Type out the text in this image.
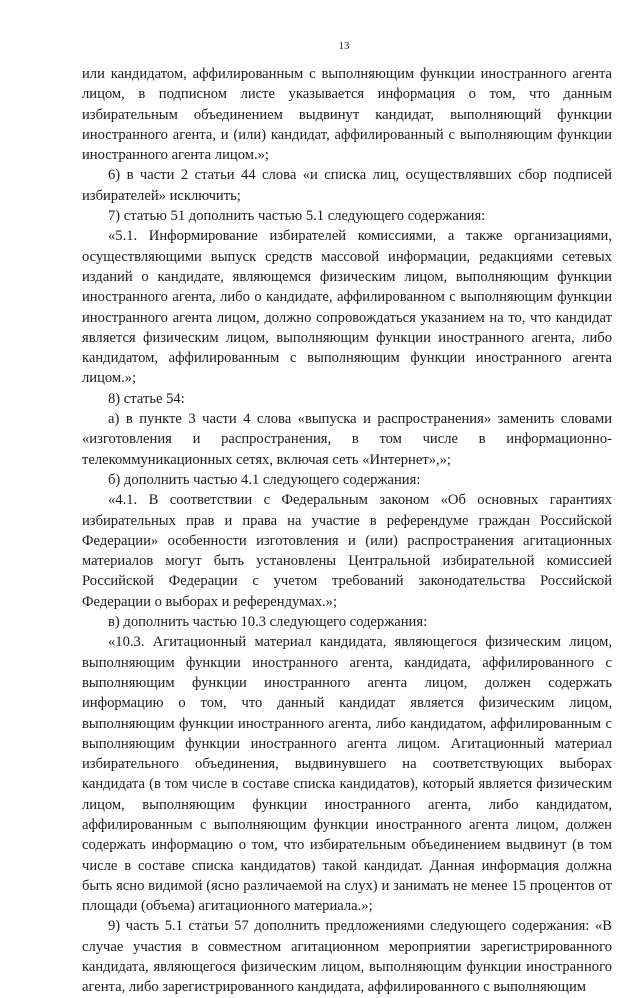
13

или кандидатом, аффилированным с выполняющим функции иностранного агента лицом, в подписном листе указывается информация о том, что данным избирательным объединением выдвинут кандидат, выполняющий функции иностранного агента, и (или) кандидат, аффилированный с выполняющим функции иностранного агента лицом.»;

6) в части 2 статьи 44 слова «и списка лиц, осуществлявших сбор подписей избирателей» исключить;

7) статью 51 дополнить частью 5.1 следующего содержания:

«5.1. Информирование избирателей комиссиями, а также организациями, осуществляющими выпуск средств массовой информации, редакциями сетевых изданий о кандидате, являющемся физическим лицом, выполняющим функции иностранного агента, либо о кандидате, аффилированном с выполняющим функции иностранного агента лицом, должно сопровождаться указанием на то, что кандидат является физическим лицом, выполняющим функции иностранного агента, либо кандидатом, аффилированным с выполняющим функции иностранного агента лицом.»;

8) статье 54:

а) в пункте 3 части 4 слова «выпуска и распространения» заменить словами «изготовления и распространения, в том числе в информационно-телекоммуникационных сетях, включая сеть «Интернет»,»;

б) дополнить частью 4.1 следующего содержания:

«4.1. В соответствии с Федеральным законом «Об основных гарантиях избирательных прав и права на участие в референдуме граждан Российской Федерации» особенности изготовления и (или) распространения агитационных материалов могут быть установлены Центральной избирательной комиссией Российской Федерации с учетом требований законодательства Российской Федерации о выборах и референдумах.»;

в) дополнить частью 10.3 следующего содержания:

«10.3. Агитационный материал кандидата, являющегося физическим лицом, выполняющим функции иностранного агента, кандидата, аффилированного с выполняющим функции иностранного агента лицом, должен содержать информацию о том, что данный кандидат является физическим лицом, выполняющим функции иностранного агента, либо кандидатом, аффилированным с выполняющим функции иностранного агента лицом. Агитационный материал избирательного объединения, выдвинувшего на соответствующих выборах кандидата (в том числе в составе списка кандидатов), который является физическим лицом, выполняющим функции иностранного агента, либо кандидатом, аффилированным с выполняющим функции иностранного агента лицом, должен содержать информацию о том, что избирательным объединением выдвинут (в том числе в составе списка кандидатов) такой кандидат. Данная информация должна быть ясно видимой (ясно различаемой на слух) и занимать не менее 15 процентов от площади (объема) агитационного материала.»;

9) часть 5.1 статьи 57 дополнить предложениями следующего содержания: «В случае участия в совместном агитационном мероприятии зарегистрированного кандидата, являющегося физическим лицом, выполняющим функции иностранного агента, либо зарегистрированного кандидата, аффилированного с выполняющим
